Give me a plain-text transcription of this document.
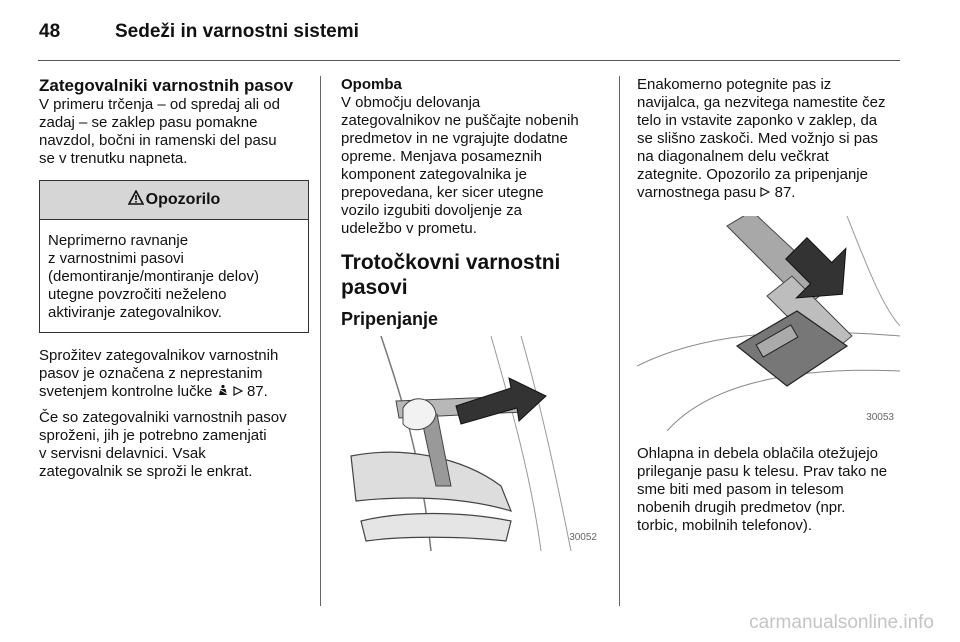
48	Sedeži in varnostni sistemi
Zategovalniki varnostnih pasov

V primeru trčenja – od spredaj ali od
zadaj – se zaklep pasu pomakne
navzdol, bočni in ramenski del pasu
se v trenutku napneta.

Opozorilo
Neprimerno ravnanje
z varnostnimi pasovi
(demontiranje/montiranje delov)
utegne povzročiti neželeno
aktiviranje zategovalnikov.

Sprožitev zategovalnikov varnostnih
pasov je označena z neprestanim
svetenjem kontrolne lučke 87.

Če so zategovalniki varnostnih pasov
sproženi, jih je potrebno zamenjati
v servisni delavnici. Vsak
zategovalnik se sproži le enkrat.

Opomba

V območju delovanja
zategovalnikov ne puščajte nobenih
predmetov in ne vgrajujte dodatne
opreme. Menjava posameznih
komponent zategovalnika je
prepovedana, ker sicer utegne
vozilo izgubiti dovoljenje za
udeležbo v prometu.

Trotočkovni varnostni
pasovi
Pripenjanje
30052

Enakomerno potegnite pas iz
navijalca, ga nezvitega namestite čez
telo in vstavite zaponko v zaklep, da
se slišno zaskoči. Med vožnjo si pas
na diagonalnem delu večkrat
zategnite. Opozorilo za pripenjanje
varnostnega pasu 87.

30053

Ohlapna in debela oblačila otežujejo
prileganje pasu k telesu. Prav tako ne
sme biti med pasom in telesom
nobenih drugih predmetov (npr.
torbic, mobilnih telefonov).

carmanualsonline.info
